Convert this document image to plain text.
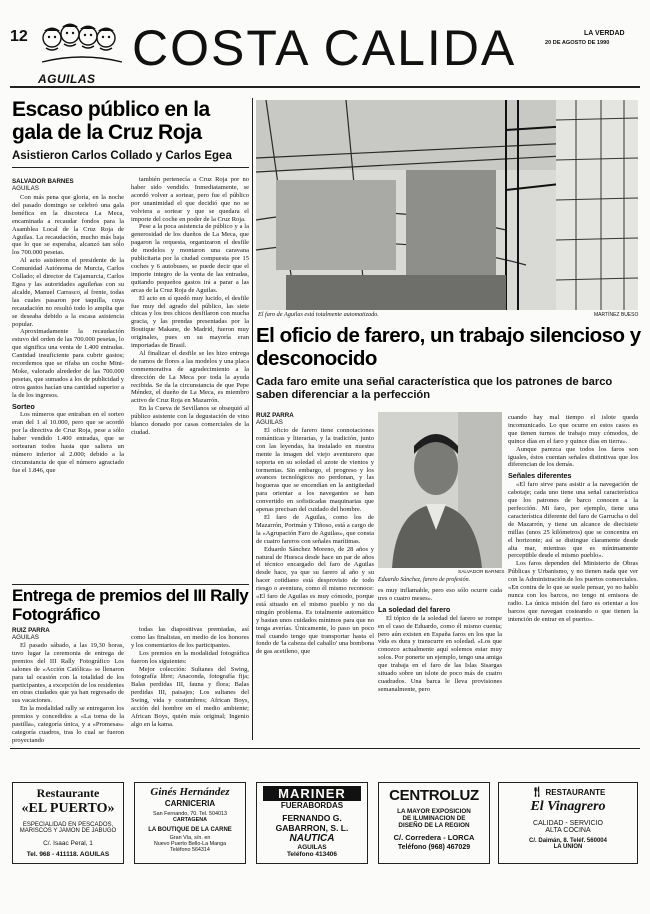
12
AGUILAS
COSTA CALIDA	LA VERDAD
20 DE AGOSTO DE 1990
Escaso público en la gala de la Cruz Roja
Asistieron Carlos Collado y Carlos Egea
SALVADOR BARNES
AGUILAS

Con más pena que gloria, en la noche del pasado domingo se celebró una gala benéfica en la discoteca La Meca, encaminada a recaudar fondos para la Asamblea Local de la Cruz Roja de Aguilas. La recaudación, mucho más baja que lo que se esperaba, alcanzó tan sólo los 700.000 pesetas.

Al acto asistieron el presidente de la Comunidad Autónoma de Murcia, Carlos Collado; el director de Cajamurcia, Carlos Egea y las autoridades aguileñas con su alcalde, Manuel Carrasco, al frente, todas las cuales pasaron por taquilla, cuya recaudación no resultó todo lo amplia que se deseaba debido a la escasa asistencia popular.

Aproximadamente la recaudación estuvo del orden de las 700.000 pesetas, lo que significa una venta de 1.400 entradas. Cantidad insuficiente para cubrir gastos; recordemos que se rifaba un coche Mini-Moke, valorado alrededor de las 700.000 pesetas, que sumados a los de publicidad y otros gastos hacían una cantidad superior a la de los ingresos.

Sorteo

Los números que entraban en el sorteo eran del 1 al 10.000, pero que se acordó por la directiva de Cruz Roja, pese a sólo haber vendido 1.400 entradas, que se sortearan todos hasta que saliera un número inferior al 2.000; debido a la circunstancia de que el número agraciado fue el 1.846, que

también pertenecía a Cruz Roja por no haber sido vendido. Inmediatamente, se acordó volver a sortear, pero fue el público por unanimidad el que decidió que no se volviera a sortear y que se quedara el importe del coche en poder de la Cruz Roja.

Pese a la poca asistencia de público y a la generosidad de los dueños de La Meca, que pagaron la orquesta, organizaron el desfile de modelos y montaron una caravana publicitaria por la ciudad compuesta por 15 coches y 6 autobuses, se puede decir que el importe integro de la venta de las entradas, quitando pequeños gastos irá a parar a las arcas de la Cruz Roja de Aguilas.

El acto en sí quedó muy lucido, el desfile fue muy del agrado del público, las siete chicas y los tres chicos desfilaron con mucha gracia, y las prendas presentadas por la Boutique Makane, de Madrid, fueron muy originales, pues en su mayoría eran importadas de Brasil.

Al finalizar el desfile se les hizo entrega de ramos de flores a las modelos y una placa conmemorativa de agradecimiento a la dirección de La Meca por toda la ayuda recibida. Se da la circunstancia de que Pepe Méndez, el dueño de La Meca, es miembro activo de Cruz Roja en Mazarrón.

En la Cueva de Sevillanos se obsequió al público asistente con la degustación de vino blanco donado por casas comerciales de la ciudad.

Entrega de premios del III Rally Fotográfico
RUIZ PARRA
AGUILAS

El pasado sábado, a las 19,30 horas, tuvo lugar la ceremonia de entrega de premios del III Rally Fotográfico Los salones de «Acción Católica» se llenaron para tal ocasión con la totalidad de los participantes, a excepción de los residentes en otras ciudades que ya han regresado de sus vacaciones.

En la modalidad rally se entregaron los premios y concedidos a «La toma de la pastilla», categoría única, y a «Promesas» categoría cuadros, tras lo cual se fueron proyectando

todas las diapositivas premiadas, así como las finalistas, en medio de los honores y los comentarios de los participantes.

Los premios en la modalidad fotográfica fueron los siguientes:

Mejor colección: Sultanes del Swing, fotografía libre; Anaconda, fotografía fija; Balas perdidas III, fauna y flora; Balas perdidas III, paisajes; Los sultanes del Swing, vida y costumbres; African Boys, acción del hombre en el medio ambiente; African Boys, quién más original; Ingenio algo en la kama.

El faro de Aguilas está totalmente automatizado.	MARTÍNEZ BUESO
El oficio de farero, un trabajo silencioso y desconocido
Cada faro emite una señal característica que los patrones de barco saben diferenciar a la perfección
RUIZ PARRA
AGUILAS

El oficio de farero tiene connotaciones románticas y literarias, y la tradición, junto con las leyendas, ha instalado en nuestra mente la imagen del viejo aventurero que soporta en su soledad el azote de vientos y tormentas. Sin embargo, el progreso y los avances tecnológicos no perdonan, y las hogueras que se encendían en la antigüedad para orientar a los navegantes se han convertido en sofisticadas maquinarias que apenas precisan del cuidado del hombre.

El faro de Aguilas, como los de Mazarrón, Portmán y Tiñoso, está a cargo de la «Agrupación Faro de Aguilas», que consta de cuatro fareros con señales marítimas.

Eduardo Sánchez Moreno, de 28 años y natural de Huesca desde hace un par de años el técnico encargado del faro de Aguilas desde hace, ya que su farero al año y su hacer cotidiano está desprovisto de todo riesgo o aventura, como él mismo reconoce: «El faro de Aguilas es muy cómodo, porque está situado en el mismo pueblo y no da ningún problema. Es totalmente automático y bastan unos cuidados mínimos para que no tenga averías. Únicamente, lo paso un poco mal cuando tengo que transportar hasta el fondo de 'la cabeza del caballo' una bombona de gas acetileno, que

SALVADOR BARNES
Eduardo Sánchez, farero de profesión.

es muy inflamable, pero eso sólo ocurre cada tres o cuatro meses».

La soledad del farero

El tópico de la soledad del farero se rompe en el caso de Eduardo, como él mismo cuenta; pero aún existen en España faros en los que la vida es dura y transcurre en soledad. «Los que conozco actualmente aquí solemos estar muy solos. Por ponerte un ejemplo, tengo una amiga que trabaja en el faro de las Islas Sisargas situado sobre un islote de poco más de cuatro cuadrados. Una barca le lleva provisiones semanalmente, pero

cuando hay mal tiempo el islote queda incomunicado. Lo que ocurre en estos casos es que tienen turnos de trabajo muy cómodos, de quince días en el faro y quince días en tierra».

Aunque parezca que todos los faros son iguales, éstos cuentan señales distintivas que los diferencian de los demás.

Señales diferentes

«El faro sirve para asistir a la navegación de cabotaje; cada uno tiene una señal característica que los patrones de barco conocen a la perfección. Mi faro, por ejemplo, tiene una característica diferente del faro de Garrucha o del de Mazarrón, y tiene un alcance de diecisiete millas (unos 25 kilómetros) que se concentra en el horizonte; así se distingue claramente desde alta mar, mientras que es mínimamente perceptible desde el mismo pueblo».

Los faros dependen del Ministerio de Obras Públicas y Urbanismo, y no tienen nada que ver con la Administración de los puertos comerciales. «En contra de lo que se suele pensar, yo no hablo nunca con los barcos, no tengo ni emisora de radio. La única misión del faro es orientar a los barcos que navegan costeando o que tienen la intención de entrar en el puerto».

Restaurante
«EL PUERTO»
ESPECIALIDAD EN PESCADOS,
MARISCOS Y JAMON DE JABUGO
C/. Isaac Peral, 1
Tel. 968 - 411118. AGUILAS
Ginés Hernández
CARNICERIA
San Fernando, 70. Tel. 504013
CARTAGENA
LA BOUTIQUE DE LA CARNE
Gran Vía, s/n. en
Nuevo Puerto Bello-La Manga
Teléfono 564314
MARINER
FUERABORDAS
FERNANDO G.
GABARRON, S. L.
NAUTICA
AGUILAS
Teléfono 413406
CENTROLUZ
LA MAYOR EXPOSICION
DE ILUMINACION DE
DISEÑO DE LA REGION
C/. Corredera - LORCA
Teléfono (968) 467029
🍴︎ RESTAURANTE
El Vinagrero
CALIDAD - SERVICIO
ALTA COCINA
C/. Daimán, 8. Teléf. 560004
LA UNION
